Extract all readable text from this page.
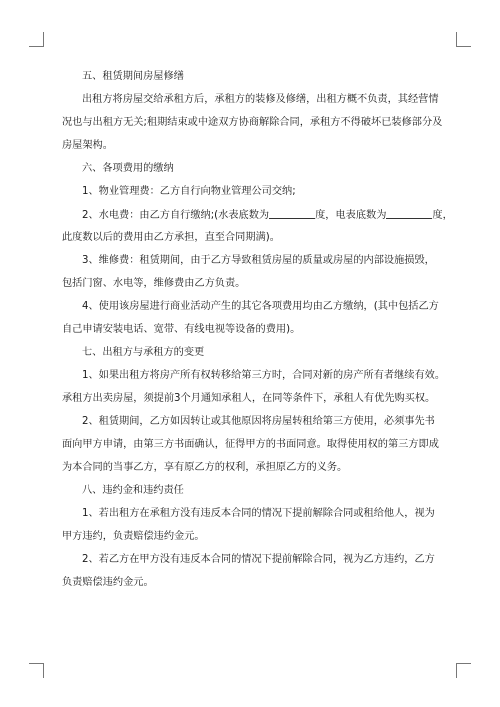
五、租赁期间房屋修缮
出租方将房屋交给承租方后，承租方的装修及修缮，出租方概不负责，其经营情
况也与出租方无关;租期结束或中途双方协商解除合同，承租方不得破坏已装修部分及
房屋架构。
六、各项费用的缴纳
1、物业管理费：乙方自行向物业管理公司交纳;
2、水电费：由乙方自行缴纳;(水表底数为	度，电表底数为	度，
此度数以后的费用由乙方承担，直至合同期满)。
3、维修费：租赁期间，由于乙方导致租赁房屋的质量或房屋的内部设施损毁，
包括门窗、水电等，维修费由乙方负责。
4、使用该房屋进行商业活动产生的其它各项费用均由乙方缴纳，(其中包括乙方
自己申请安装电话、宽带、有线电视等设备的费用)。
七、出租方与承租方的变更
1、如果出租方将房产所有权转移给第三方时，合同对新的房产所有者继续有效。
承租方出卖房屋，须提前3个月通知承租人，在同等条件下，承租人有优先购买权。
2、租赁期间，乙方如因转让或其他原因将房屋转租给第三方使用，必须事先书
面向甲方申请，由第三方书面确认，征得甲方的书面同意。取得使用权的第三方即成
为本合同的当事乙方，享有原乙方的权利，承担原乙方的义务。
八、违约金和违约责任
1、若出租方在承租方没有违反本合同的情况下提前解除合同或租给他人，视为
甲方违约，负责赔偿违约金元。
2、若乙方在甲方没有违反本合同的情况下提前解除合同，视为乙方违约，乙方
负责赔偿违约金元。
